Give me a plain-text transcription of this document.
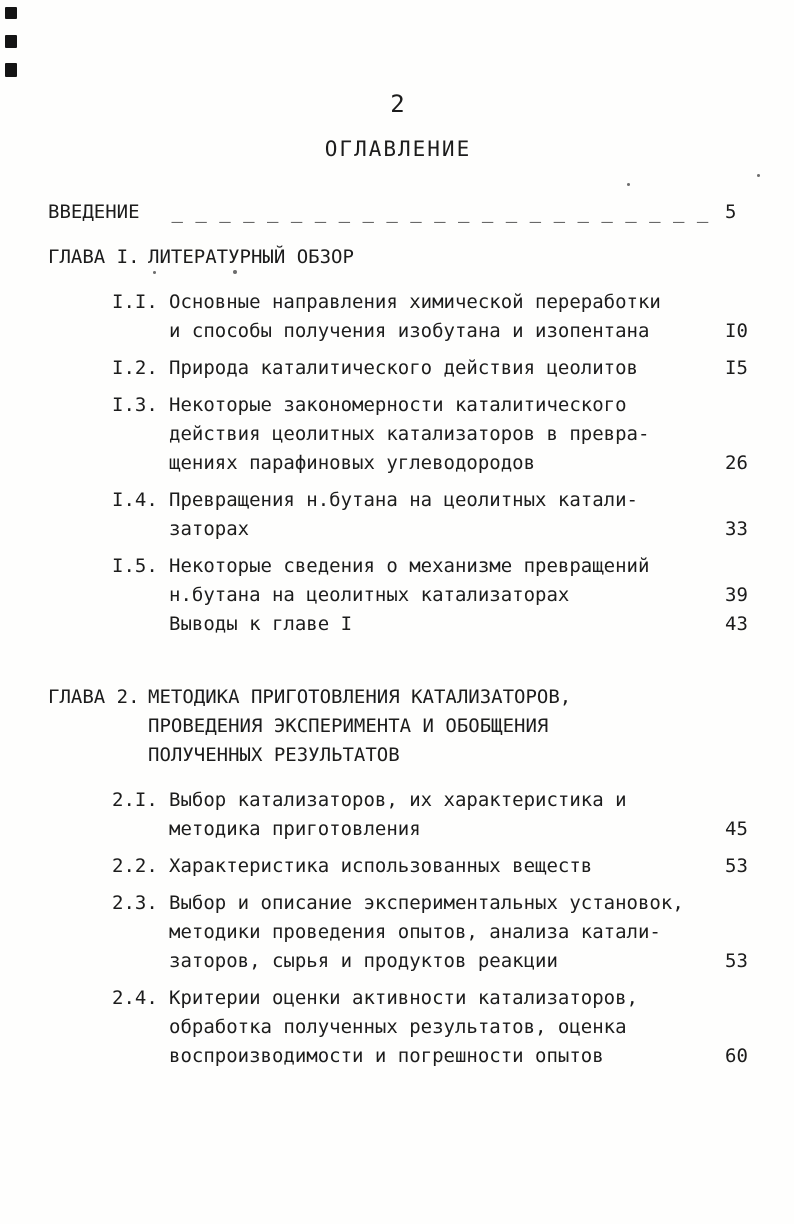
2
ОГЛАВЛЕНИЕ
ВВЕДЕНИЕ _ _ _ _ _ _ _ _ _ _ _ _ _ _ _ _ _ _ _ _ _ _ _ 5
ГЛАВА I. ЛИТЕРАТУРНЫЙ ОБЗОР
I.I. Основные направления химической переработки
и способы получения изобутана и изопентана	I0
I.2. Природа каталитического действия цеолитов	I5
I.3. Некоторые закономерности каталитического
действия цеолитных катализаторов в превра-
щениях парафиновых углеводородов	26
I.4. Превращения н.бутана на цеолитных катали-
заторах	33
I.5. Некоторые сведения о механизме превращений
н.бутана на цеолитных катализаторах	39
Выводы к главе I	43
ГЛАВА 2. МЕТОДИКА ПРИГОТОВЛЕНИЯ КАТАЛИЗАТОРОВ,
ПРОВЕДЕНИЯ ЭКСПЕРИМЕНТА И ОБОБЩЕНИЯ
ПОЛУЧЕННЫХ РЕЗУЛЬТАТОВ
2.I. Выбор катализаторов, их характеристика и
методика приготовления	45
2.2. Характеристика использованных веществ	53
2.3. Выбор и описание экспериментальных установок,
методики проведения опытов, анализа катали-
заторов, сырья и продуктов реакции	53
2.4. Критерии оценки активности катализаторов,
обработка полученных результатов, оценка
воспроизводимости и погрешности опытов	60
